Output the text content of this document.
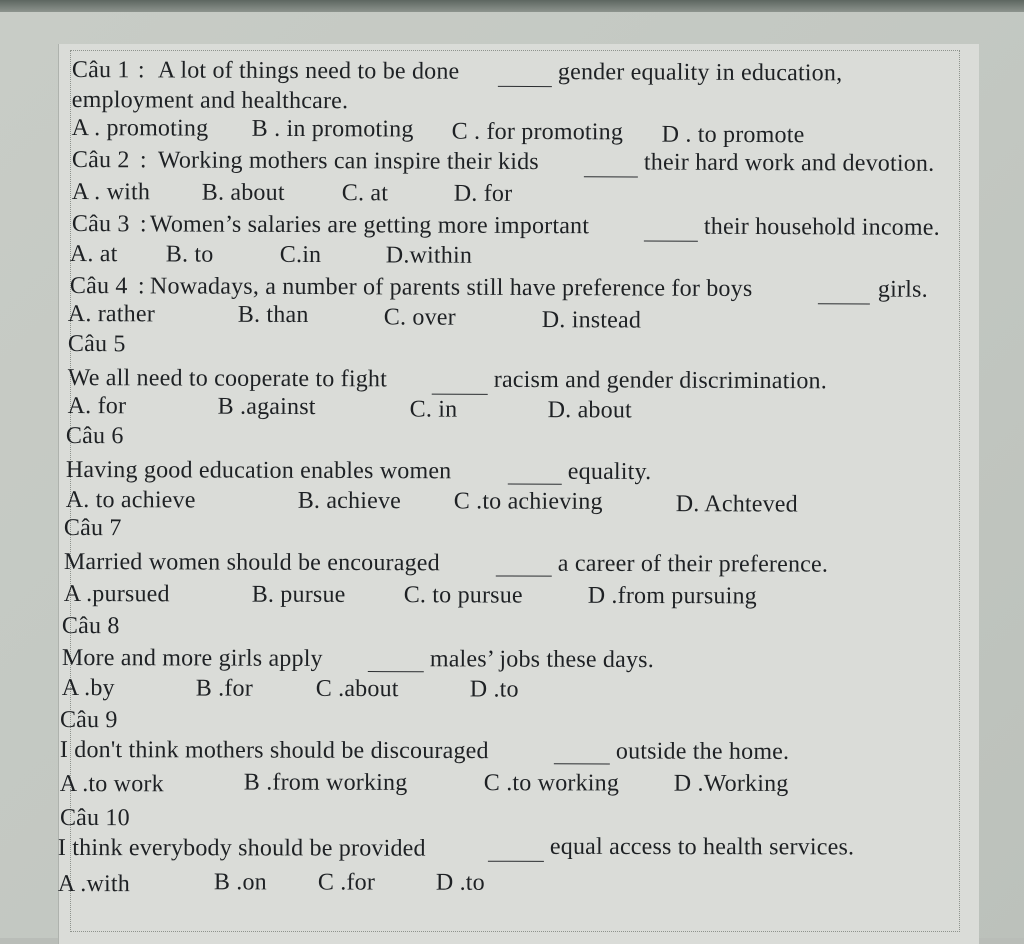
Câu 1 : A lot of things need to be done	gender equality in education,
employment and healthcare.
A . promoting B . in promoting C . for promoting D . to promote
Câu 2 : Working mothers can inspire their kids	their hard work and devotion.
A . with B. about C. at	D. for
Câu 3 : Women’s salaries are getting more important	their household income.
A. at B. to	C.in	D.within
Câu 4 : Nowadays, a number of parents still have preference for boys	girls.
A. rather	B. than	C. over	D. instead
Câu 5
We all need to cooperate to fight	racism and gender discrimination.
A. for	B .against	C. in	D. about
Câu 6
Having good education enables women	equality.
A. to achieve	B. achieve C .to achieving	D. Achteved
Câu 7
Married women should be encouraged	a career of their preference.
A .pursued	B. pursue C. to pursue	D .from pursuing
Câu 8
More and more girls apply	males’ jobs these days.
A .by	B .for	C .about	D .to
Câu 9
I don't think mothers should be discouraged	outside the home.
A .to work	B .from working	C .to working D .Working
Câu 10
I think everybody should be provided	equal access to health services.
A .with	B .on C .for	D .to
